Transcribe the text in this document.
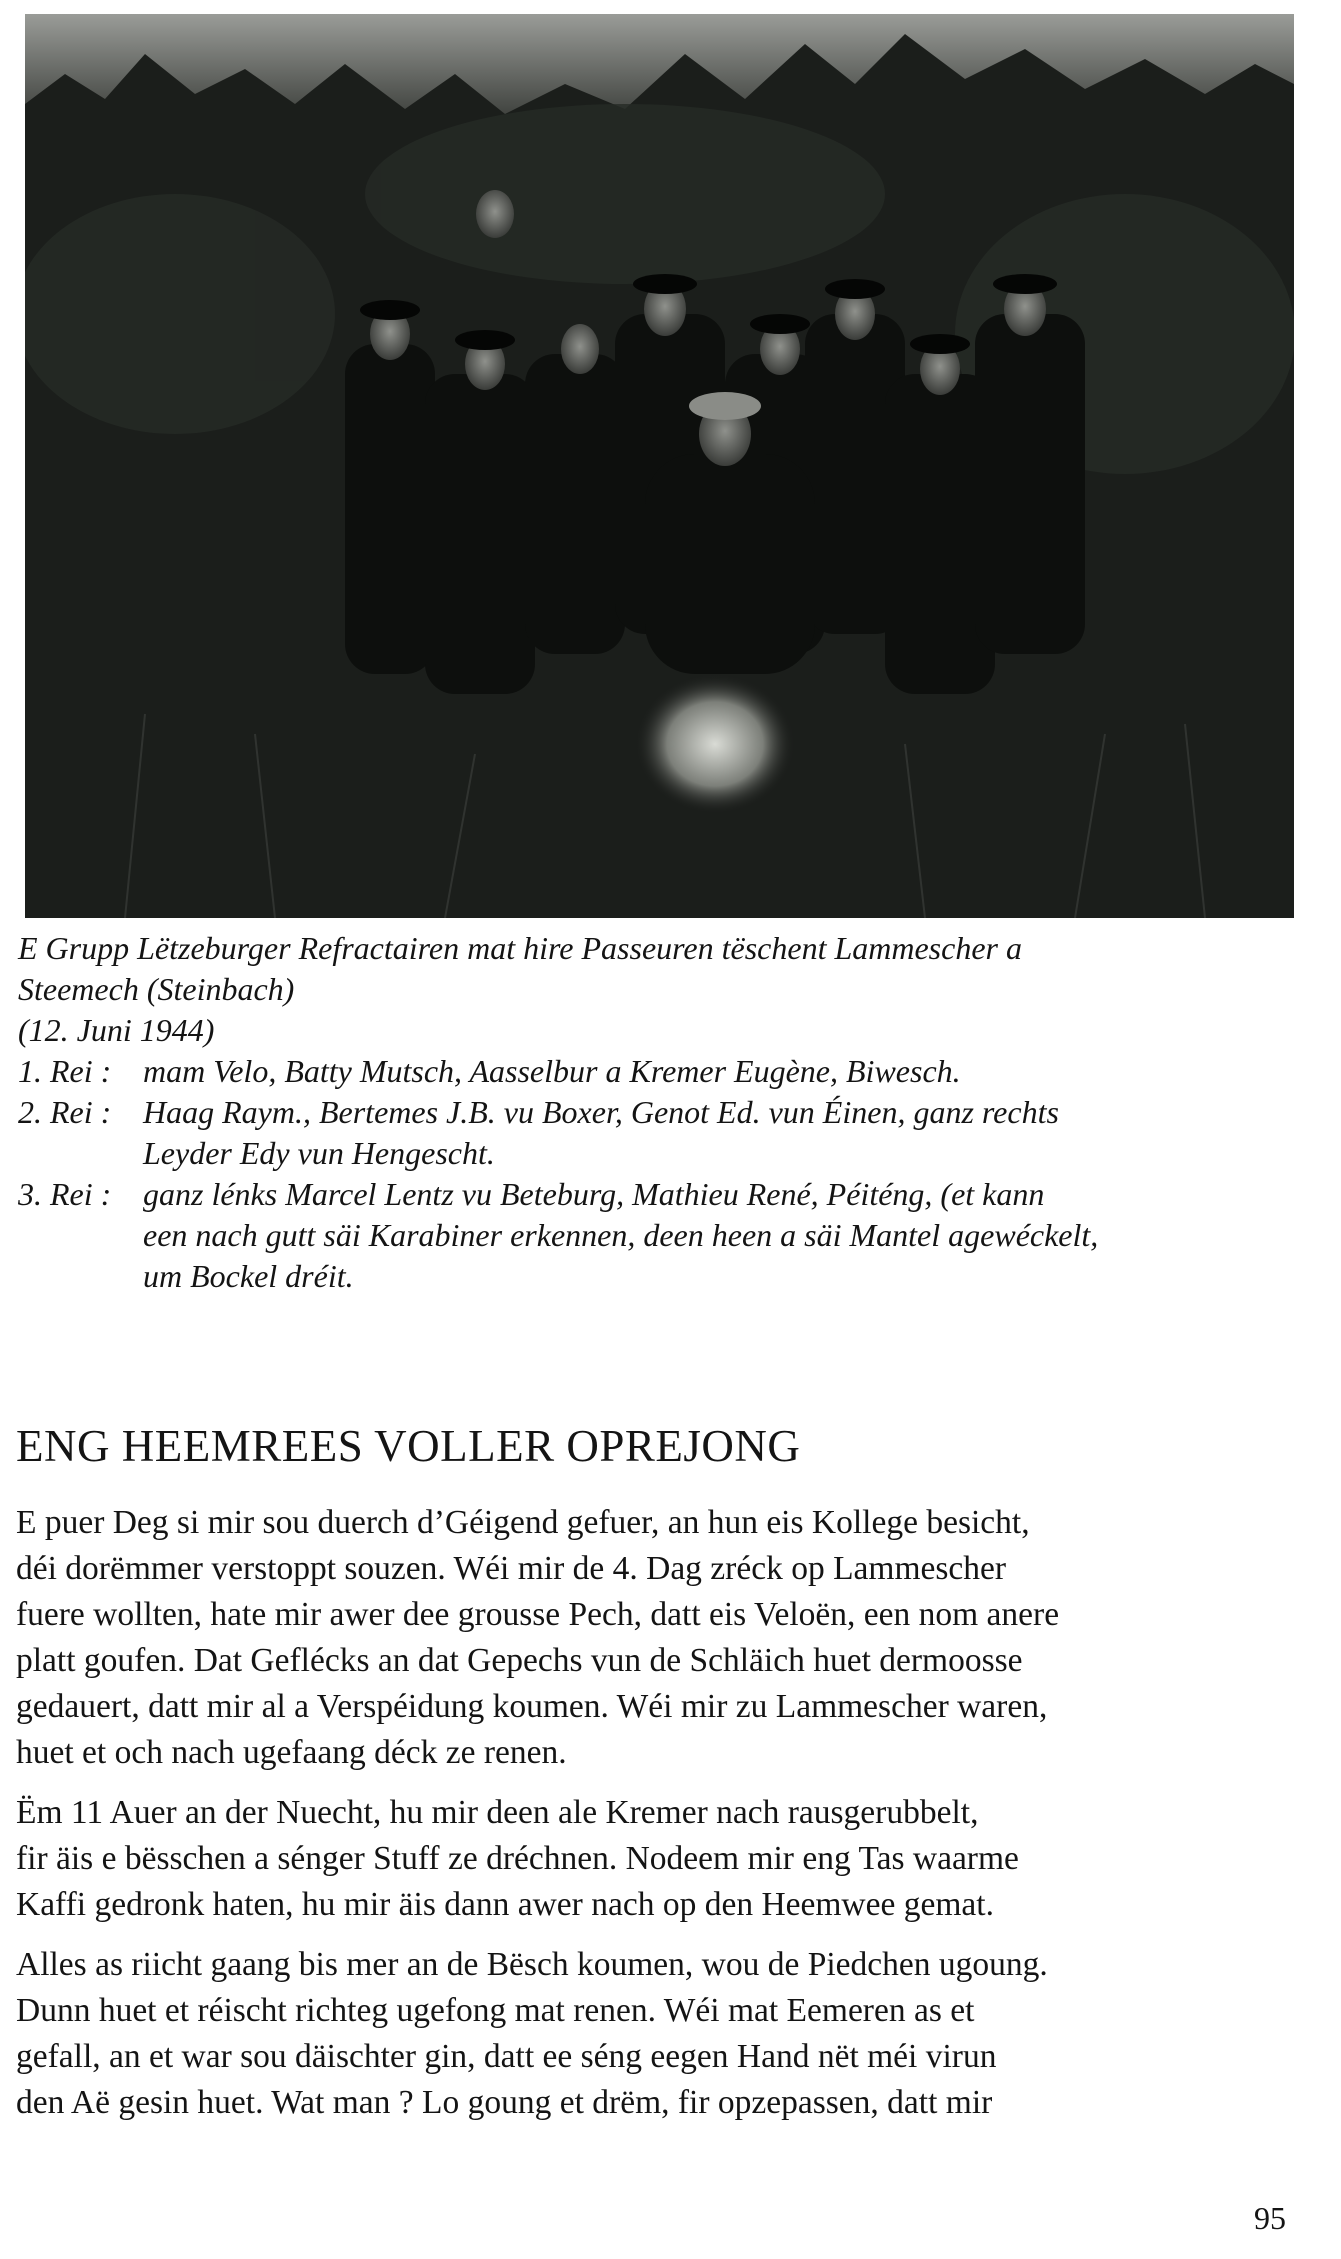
E Grupp Lëtzeburger Refractairen mat hire Passeuren tëschent Lammescher a
Steemech (Steinbach)
(12. Juni 1944)
1. Rei : mam Velo, Batty Mutsch, Aasselbur a Kremer Eugène, Biwesch.
2. Rei : Haag Raym., Bertemes J.B. vu Boxer, Genot Ed. vun Éinen, ganz rechts
Leyder Edy vun Hengescht.
3. Rei : ganz lénks Marcel Lentz vu Beteburg, Mathieu René, Péiténg, (et kann
een nach gutt säi Karabiner erkennen, deen heen a säi Mantel agewéckelt,
um Bockel dréit.
ENG HEEMREES VOLLER OPREJONG

E puer Deg si mir sou duerch d’Géigend gefuer, an hun eis Kollege besicht,
déi dorëmmer verstoppt souzen. Wéi mir de 4. Dag zréck op Lammescher
fuere wollten, hate mir awer dee grousse Pech, datt eis Veloën, een nom anere
platt goufen. Dat Geflécks an dat Gepechs vun de Schläich huet dermoosse
gedauert, datt mir al a Verspéidung koumen. Wéi mir zu Lammescher waren,
huet et och nach ugefaang déck ze renen.

Ëm 11 Auer an der Nuecht, hu mir deen ale Kremer nach rausgerubbelt,
fir äis e bësschen a sénger Stuff ze dréchnen. Nodeem mir eng Tas waarme
Kaffi gedronk haten, hu mir äis dann awer nach op den Heemwee gemat.

Alles as riicht gaang bis mer an de Bësch koumen, wou de Piedchen ugoung.
Dunn huet et réischt richteg ugefong mat renen. Wéi mat Eemeren as et
gefall, an et war sou däischter gin, datt ee séng eegen Hand nët méi virun
den Aë gesin huet. Wat man ? Lo goung et drëm, fir opzepassen, datt mir

95
